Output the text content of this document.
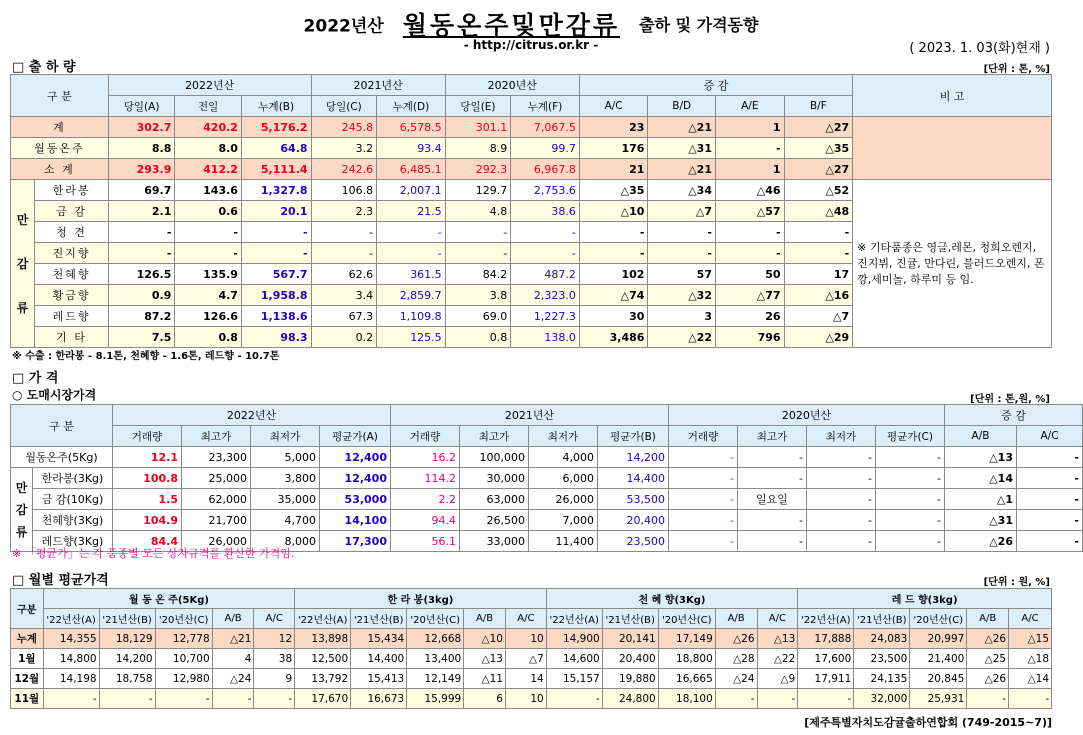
2022년산 월동온주및만감류 출하 및 가격동향
- http://citrus.or.kr -	( 2023. 1. 03(화)현재 )
□ 출 하 량	[단위 : 톤, %]
구 분		2022년산			2021년산		2020년산		증 감				비 고
		당일(A)	전일	누계(B)	당일(C)	누계(D)	당일(E)	누계(F)	A/C	B/D	A/E	B/F	
계		302.7	420.2	5,176.2	245.8	6,578.5	301.1	7,067.5	23	△21	1	△27	
월동온주		8.8	8.0	64.8	3.2	93.4	8.9	99.7	176	△31	-	△35	
소 계		293.9	412.2	5,111.4	242.6	6,485.1	292.3	6,967.8	21	△21	1	△27	
만 감 류	한라봉	69.7	143.6	1,327.8	106.8	2,007.1	129.7	2,753.6	△35	△34	△46	△52	※ 기타품종은 영글,레몬, 청희오렌지, 진지뷔, 진귤, 만다린, 블러드오렌지, 폰깡,세미놀, 하루미 등 임.
	금 감	2.1	0.6	20.1	2.3	21.5	4.8	38.6	△10	△7	△57	△48	
	청 견	-	-	-	-	-	-	-	-	-	-	-	
	진지향	-	-	-	-	-	-	-	-	-	-	-	
	천혜향	126.5	135.9	567.7	62.6	361.5	84.2	487.2	102	57	50	17	
	황금향	0.9	4.7	1,958.8	3.4	2,859.7	3.8	2,323.0	△74	△32	△77	△16	
	레드향	87.2	126.6	1,138.6	67.3	1,109.8	69.0	1,227.3	30	3	26	△7	
	기 타	7.5	0.8	98.3	0.2	125.5	0.8	138.0	3,486	△22	796	△29	
※ 수출 : 한라봉 - 8.1톤, 천혜향 - 1.6톤, 레드향 - 10.7톤
□ 가 격
○ 도매시장가격	[단위 : 톤,원, %]
구 분		2022년산				2021년산				2020년산				증 감	
		거래량	최고가	최저가	평균가(A)	거래량	최고가	최저가	평균가(B)	거래량	최고가	최저가	평균가(C)	A/B	A/C
월동온주(5Kg)		12.1	23,300	5,000	12,400	16.2	100,000	4,000	14,200	-	-	-	-	△13	-
만 감 류	한라봉(3Kg)	100.8	25,000	3,800	12,400	114.2	30,000	6,000	14,400	-	-	-	-	△14	-
	금 감(10Kg)	1.5	62,000	35,000	53,000	2.2	63,000	26,000	53,500	-	일요일	-	-	△1	-
	천혜향(3Kg)	104.9	21,700	4,700	14,100	94.4	26,500	7,000	20,400	-	-	-	-	△31	-
	레드향(3Kg)	84.4	26,000	8,000	17,300	56.1	33,000	11,400	23,500	-	-	-	-	△26	-
※ 「평균가」는 각 품종별 모든 상자규격를 환산한 가격임.
□ 월별 평균가격	[단위 : 원, %]
구분	월 동 온 주(5Kg)					한 라 봉(3kg)					천 혜 향(3Kg)					레 드 향(3kg)				
	'22년산(A)	'21년산(B)	'20년산(C)	A/B	A/C	'22년산(A)	'21년산(B)	'20년산(C)	A/B	A/C	'22년산(A)	'21년산(B)	'20년산(C)	A/B	A/C	'22년산(A)	'21년산(B)	'20년산(C)	A/B	A/C
누계	14,355	18,129	12,778	△21	12	13,898	15,434	12,668	△10	10	14,900	20,141	17,149	△26	△13	17,888	24,083	20,997	△26	△15
1월	14,800	14,200	10,700	4	38	12,500	14,400	13,400	△13	△7	14,600	20,400	18,800	△28	△22	17,600	23,500	21,400	△25	△18
12월	14,198	18,758	12,980	△24	9	13,792	15,413	12,149	△11	14	15,157	19,880	16,665	△24	△9	17,911	24,135	20,845	△26	△14
11월	-	-	-	-	-	17,670	16,673	15,999	6	10	-	24,800	18,100	-	-	-	32,000	25,931	-	-
[제주특별자치도감귤출하연합회 (749-2015~7)]
